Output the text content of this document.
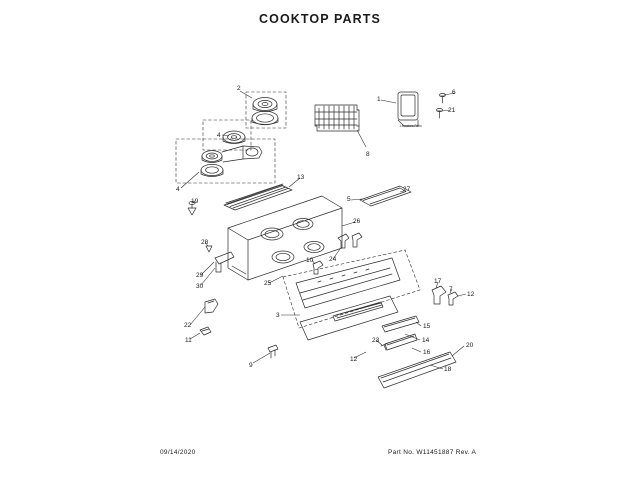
COOKTOP PARTS
Literature Parts
1
2
3
4
4
5
6
7
8
9
10
11
12
12
13
14
15
16
17
18
19
20
21
22
23
24
25
26
27
28
29
30
09/14/2020	Part No. W11451887 Rev. A
